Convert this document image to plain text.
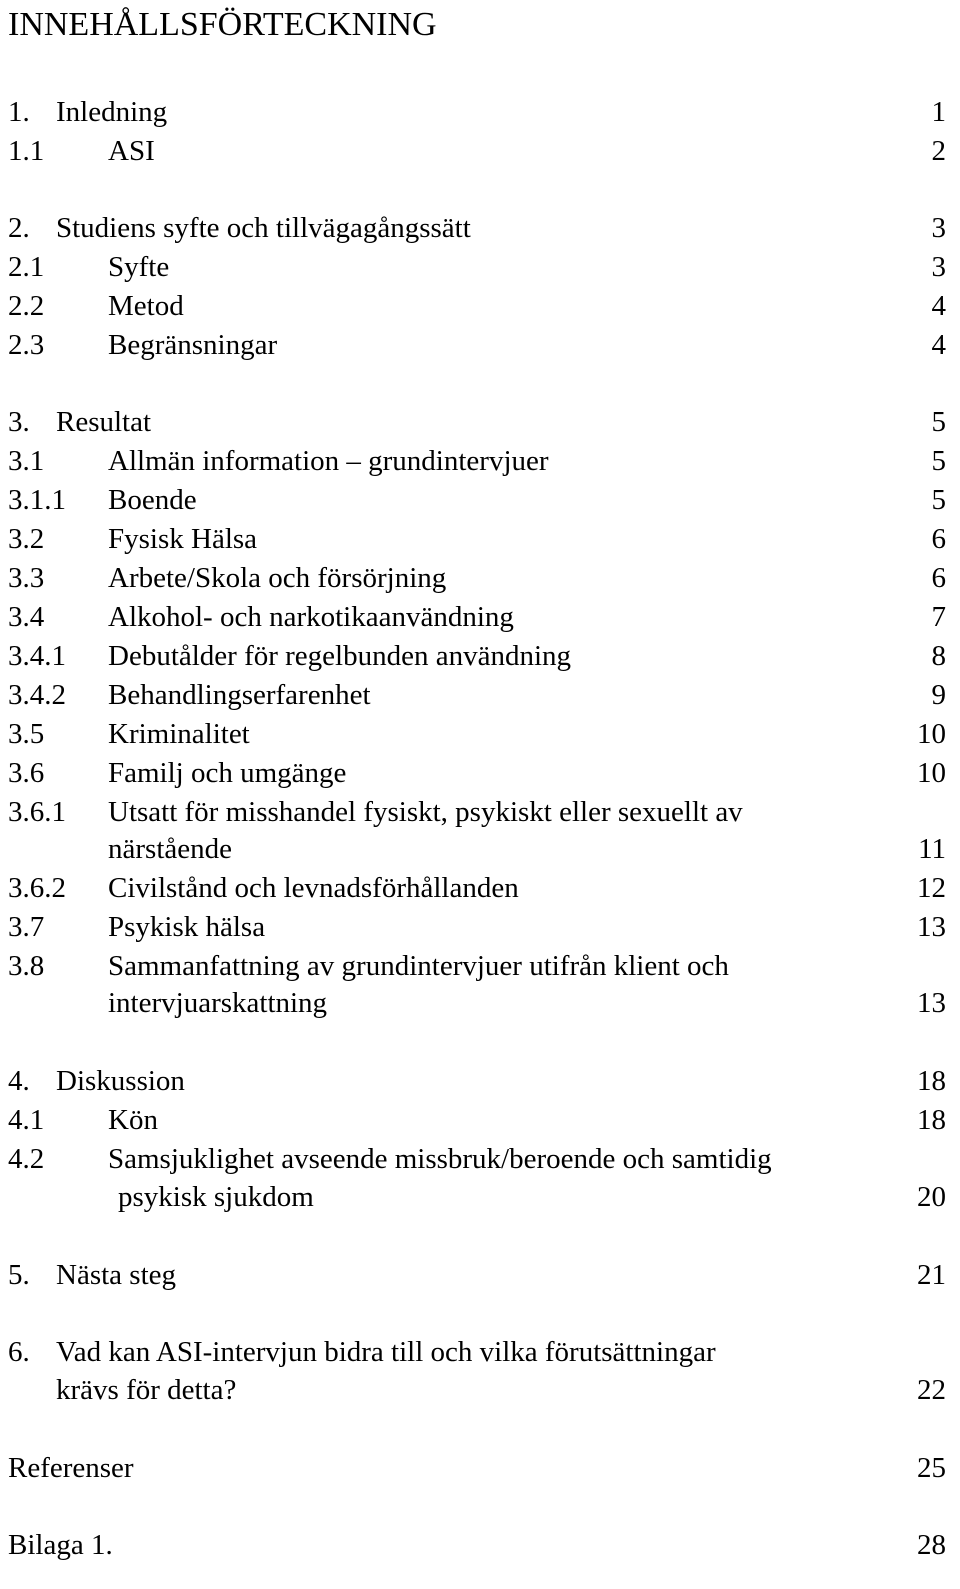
INNEHÅLLSFÖRTECKNING
1. Inledning	1
1.1 ASI	2
2. Studiens syfte och tillvägagångssätt	3
2.1 Syfte	3
2.2 Metod	4
2.3 Begränsningar	4
3. Resultat	5
3.1 Allmän information – grundintervjuer	5
3.1.1 Boende	5
3.2 Fysisk Hälsa	6
3.3 Arbete/Skola och försörjning	6
3.4 Alkohol- och narkotikaanvändning	7
3.4.1 Debutålder för regelbunden användning	8
3.4.2 Behandlingserfarenhet	9
3.5 Kriminalitet	10
3.6 Familj och umgänge	10
3.6.1 Utsatt för misshandel fysiskt, psykiskt eller sexuellt av
närstående	11
3.6.2 Civilstånd och levnadsförhållanden	12
3.7 Psykisk hälsa	13
3.8 Sammanfattning av grundintervjuer utifrån klient och
intervjuarskattning	13
4. Diskussion	18
4.1 Kön	18
4.2 Samsjuklighet avseende missbruk/beroende och samtidig
psykisk sjukdom	20
5. Nästa steg	21
6. Vad kan ASI-intervjun bidra till och vilka förutsättningar
krävs för detta?	22
Referenser	25
Bilaga 1.	28
